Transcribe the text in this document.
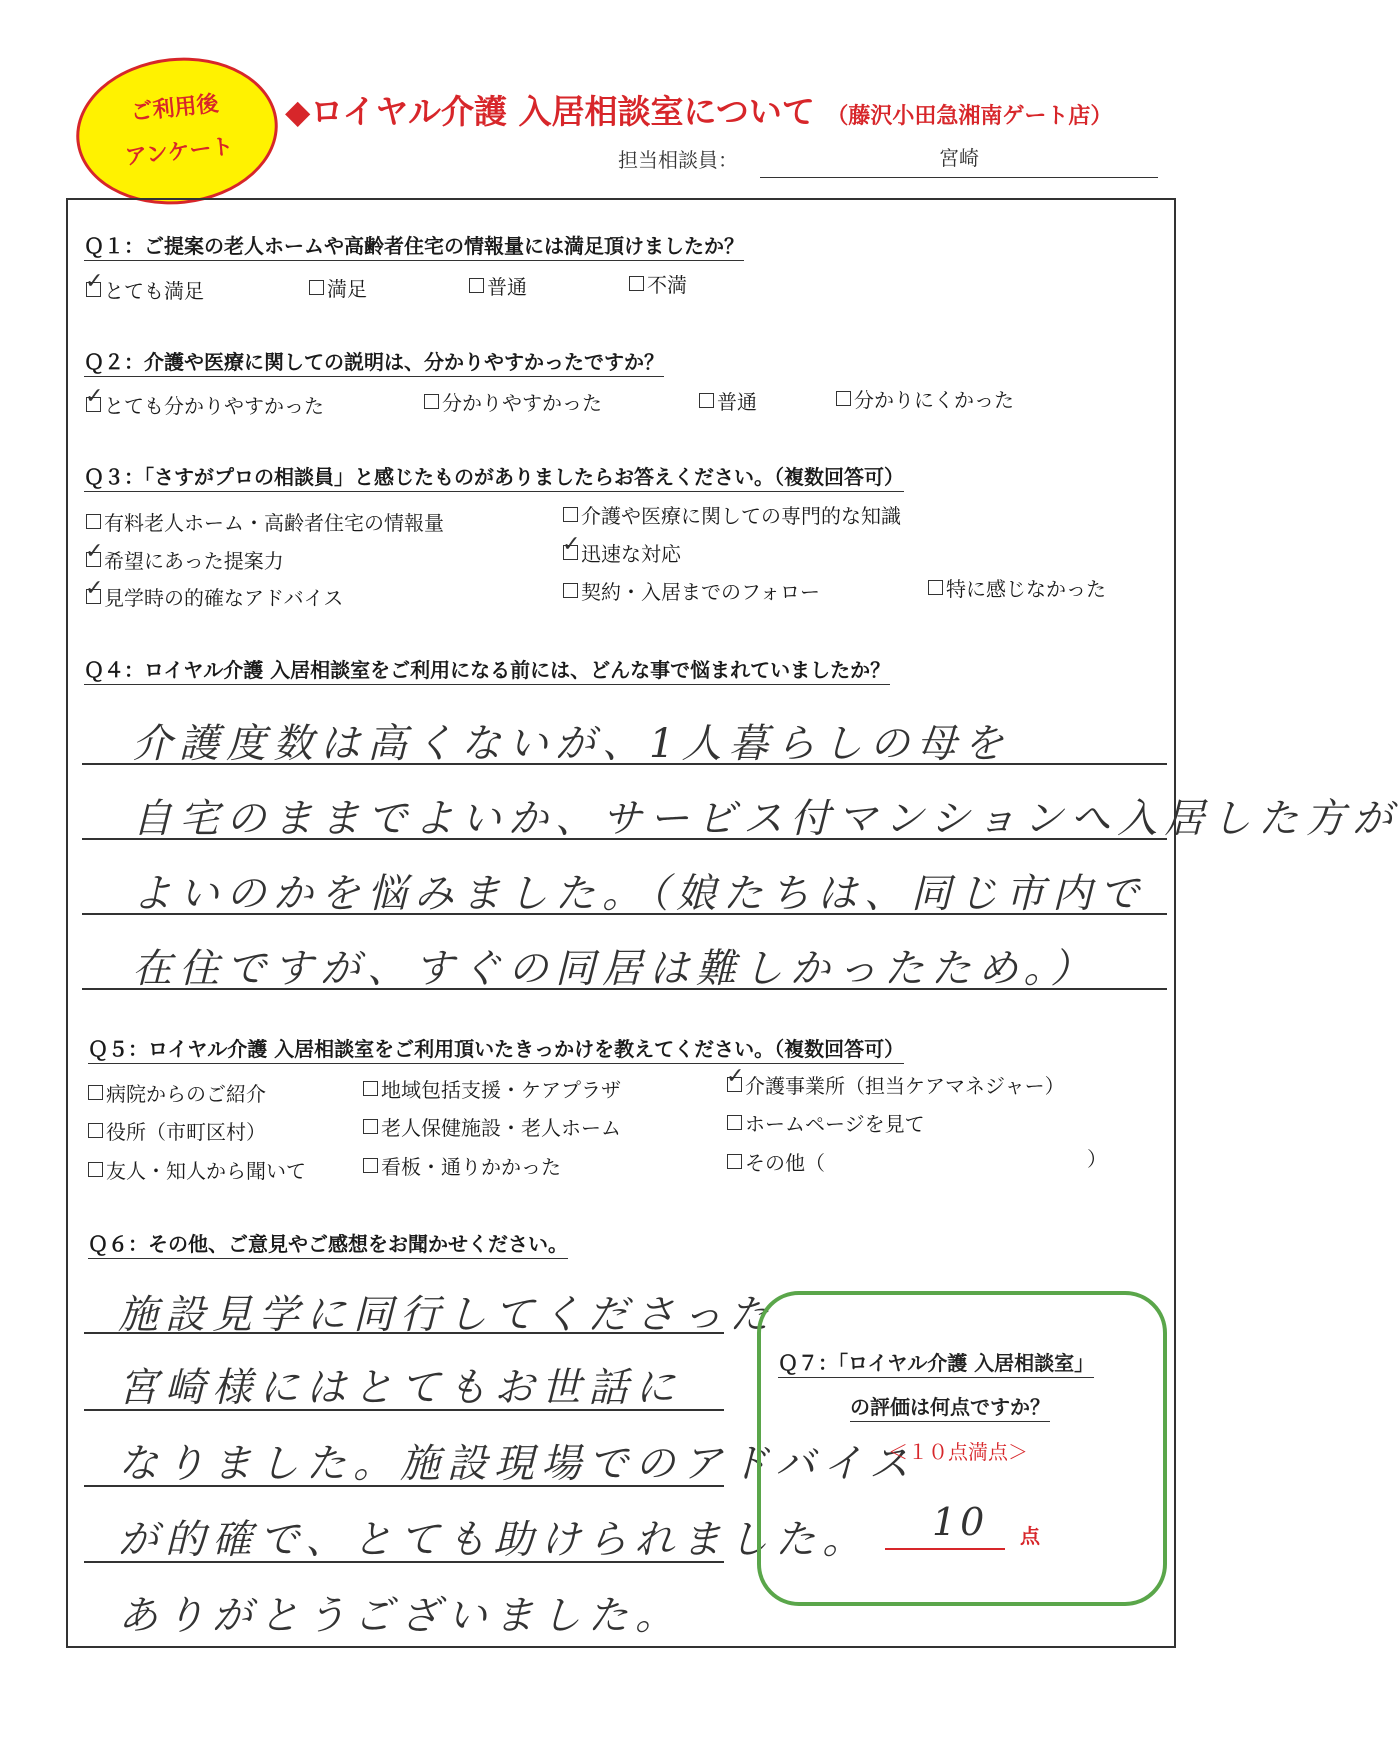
ご利用後
アンケート
◆ロイヤル介護 入居相談室について （藤沢小田急湘南ゲート店）
担当相談員：	宮崎
Ｑ１：ご提案の老人ホームや高齢者住宅の情報量には満足頂けましたか？
✓
とても満足	満足	普通	不満
Ｑ２：介護や医療に関しての説明は、分かりやすかったですか？
✓
とても分かりやすかった	分かりやすかった	普通	分かりにくかった
Ｑ３：「さすがプロの相談員」と感じたものがありましたらお答えください。（複数回答可）
有料老人ホーム・高齢者住宅の情報量	介護や医療に関しての専門的な知識
✓
希望にあった提案力 ✓	迅速な対応
✓
見学時の的確なアドバイス	契約・入居までのフォロー	特に感じなかった
Ｑ４：ロイヤル介護 入居相談室をご利用になる前には、どんな事で悩まれていましたか？
介護度数は高くないが、1人暮らしの母を
自宅のままでよいか、サービス付マンションへ入居した方が
よいのかを悩みました。（娘たちは、同じ市内で
在住ですが、すぐの同居は難しかったため。）
Ｑ５：ロイヤル介護 入居相談室をご利用頂いたきっかけを教えてください。（複数回答可）
病院からのご紹介	地域包括支援・ケアプラザ ✓	介護事業所（担当ケアマネジャー）
役所（市町区村）	老人保健施設・老人ホーム	ホームページを見て
友人・知人から聞いて	看板・通りかかった	その他（	）
Ｑ６：その他、ご意見やご感想をお聞かせください。
施設見学に同行してくださった
宮崎様にはとてもお世話に
なりました。施設現場でのアドバイス
が的確で、とても助けられました。
ありがとうございました。
Ｑ７：「ロイヤル介護 入居相談室」
の評価は何点ですか？
＜１０点満点＞
10 点
